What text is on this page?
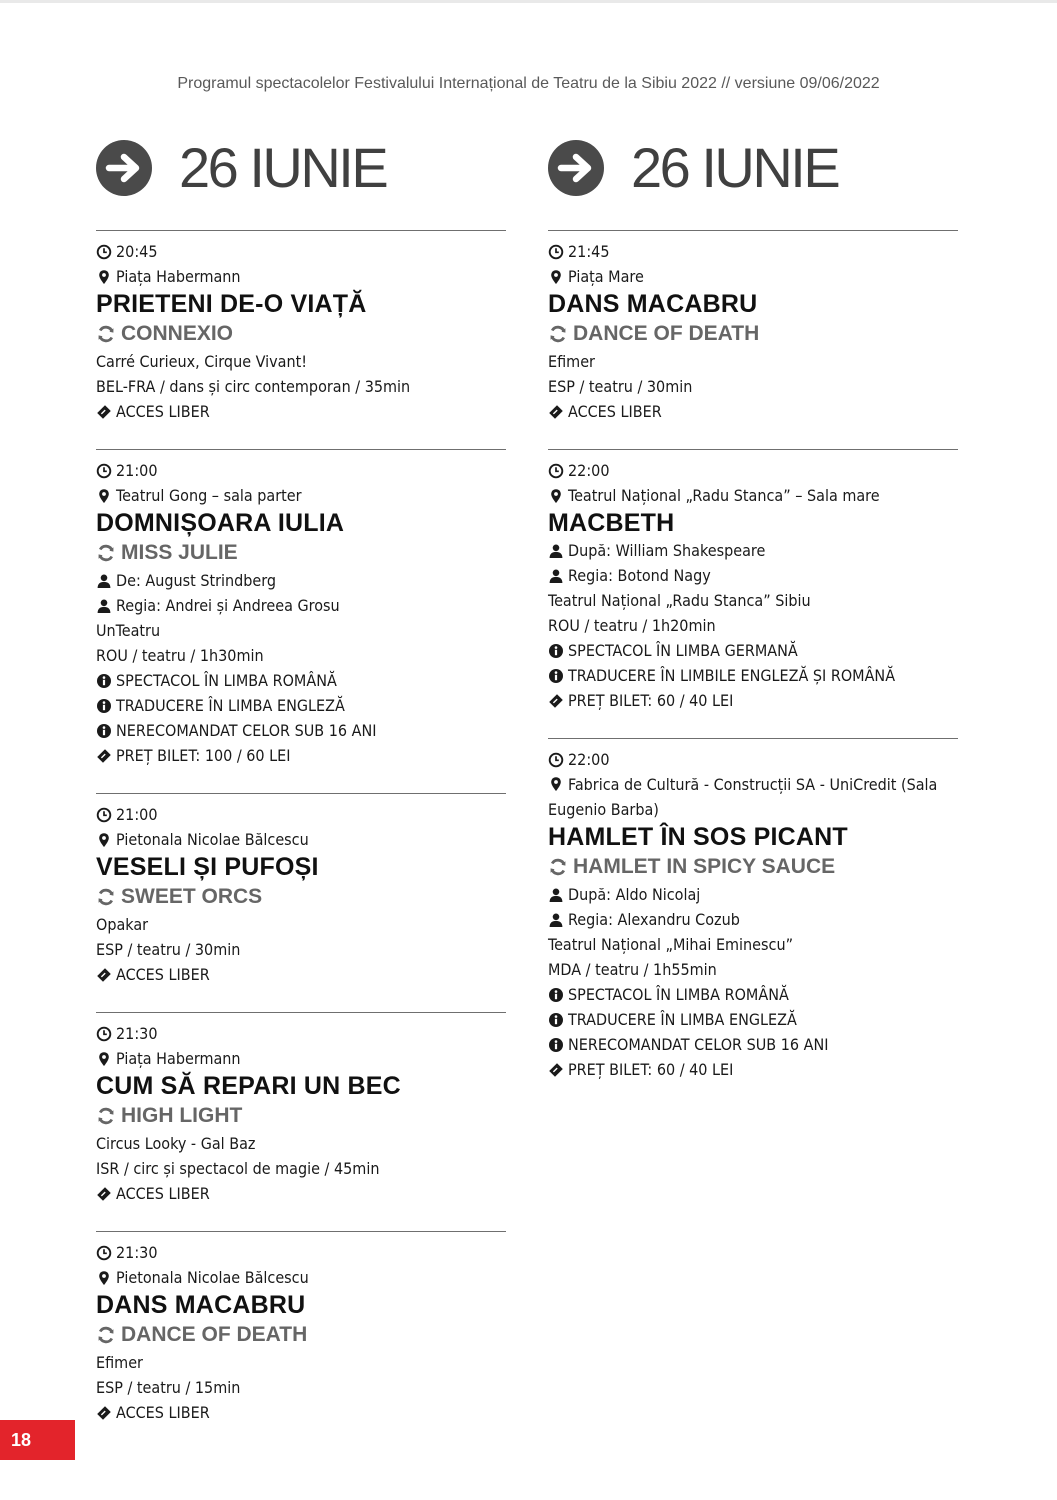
Programul spectacolelor Festivalului Internațional de Teatru de la Sibiu 2022 // versiune 09/06/2022
26 IUNIE
20:45
Piața Habermann
PRIETENI DE-O VIAȚĂ
CONNEXIO
Carré Curieux, Cirque Vivant!
BEL-FRA / dans și circ contemporan / 35min
ACCES LIBER
21:00
Teatrul Gong – sala parter
DOMNIȘOARA IULIA
MISS JULIE
De: August Strindberg
Regia: Andrei și Andreea Grosu
UnTeatru
ROU / teatru / 1h30min
SPECTACOL ÎN LIMBA ROMÂNĂ
TRADUCERE ÎN LIMBA ENGLEZĂ
NERECOMANDAT CELOR SUB 16 ANI
PREȚ BILET: 100 / 60 LEI
21:00
Pietonala Nicolae Bălcescu
VESELI ȘI PUFOȘI
SWEET ORCS
Opakar
ESP / teatru / 30min
ACCES LIBER
21:30
Piața Habermann
CUM SĂ REPARI UN BEC
HIGH LIGHT
Circus Looky - Gal Baz
ISR / circ și spectacol de magie / 45min
ACCES LIBER
21:30
Pietonala Nicolae Bălcescu
DANS MACABRU
DANCE OF DEATH
Efimer
ESP / teatru / 15min
ACCES LIBER
26 IUNIE
21:45
Piața Mare
DANS MACABRU
DANCE OF DEATH
Efimer
ESP / teatru / 30min
ACCES LIBER
22:00
Teatrul Național „Radu Stanca” – Sala mare
MACBETH
După: William Shakespeare
Regia: Botond Nagy
Teatrul Național „Radu Stanca” Sibiu
ROU / teatru / 1h20min
SPECTACOL ÎN LIMBA GERMANĂ
TRADUCERE ÎN LIMBILE ENGLEZĂ ȘI ROMÂNĂ
PREȚ BILET: 60 / 40 LEI
22:00
Fabrica de Cultură - Construcții SA - UniCredit (Sala Eugenio Barba)
HAMLET ÎN SOS PICANT
HAMLET IN SPICY SAUCE
După: Aldo Nicolaj
Regia: Alexandru Cozub
Teatrul Național „Mihai Eminescu”
MDA / teatru / 1h55min
SPECTACOL ÎN LIMBA ROMÂNĂ
TRADUCERE ÎN LIMBA ENGLEZĂ
NERECOMANDAT CELOR SUB 16 ANI
PREȚ BILET: 60 / 40 LEI
18
